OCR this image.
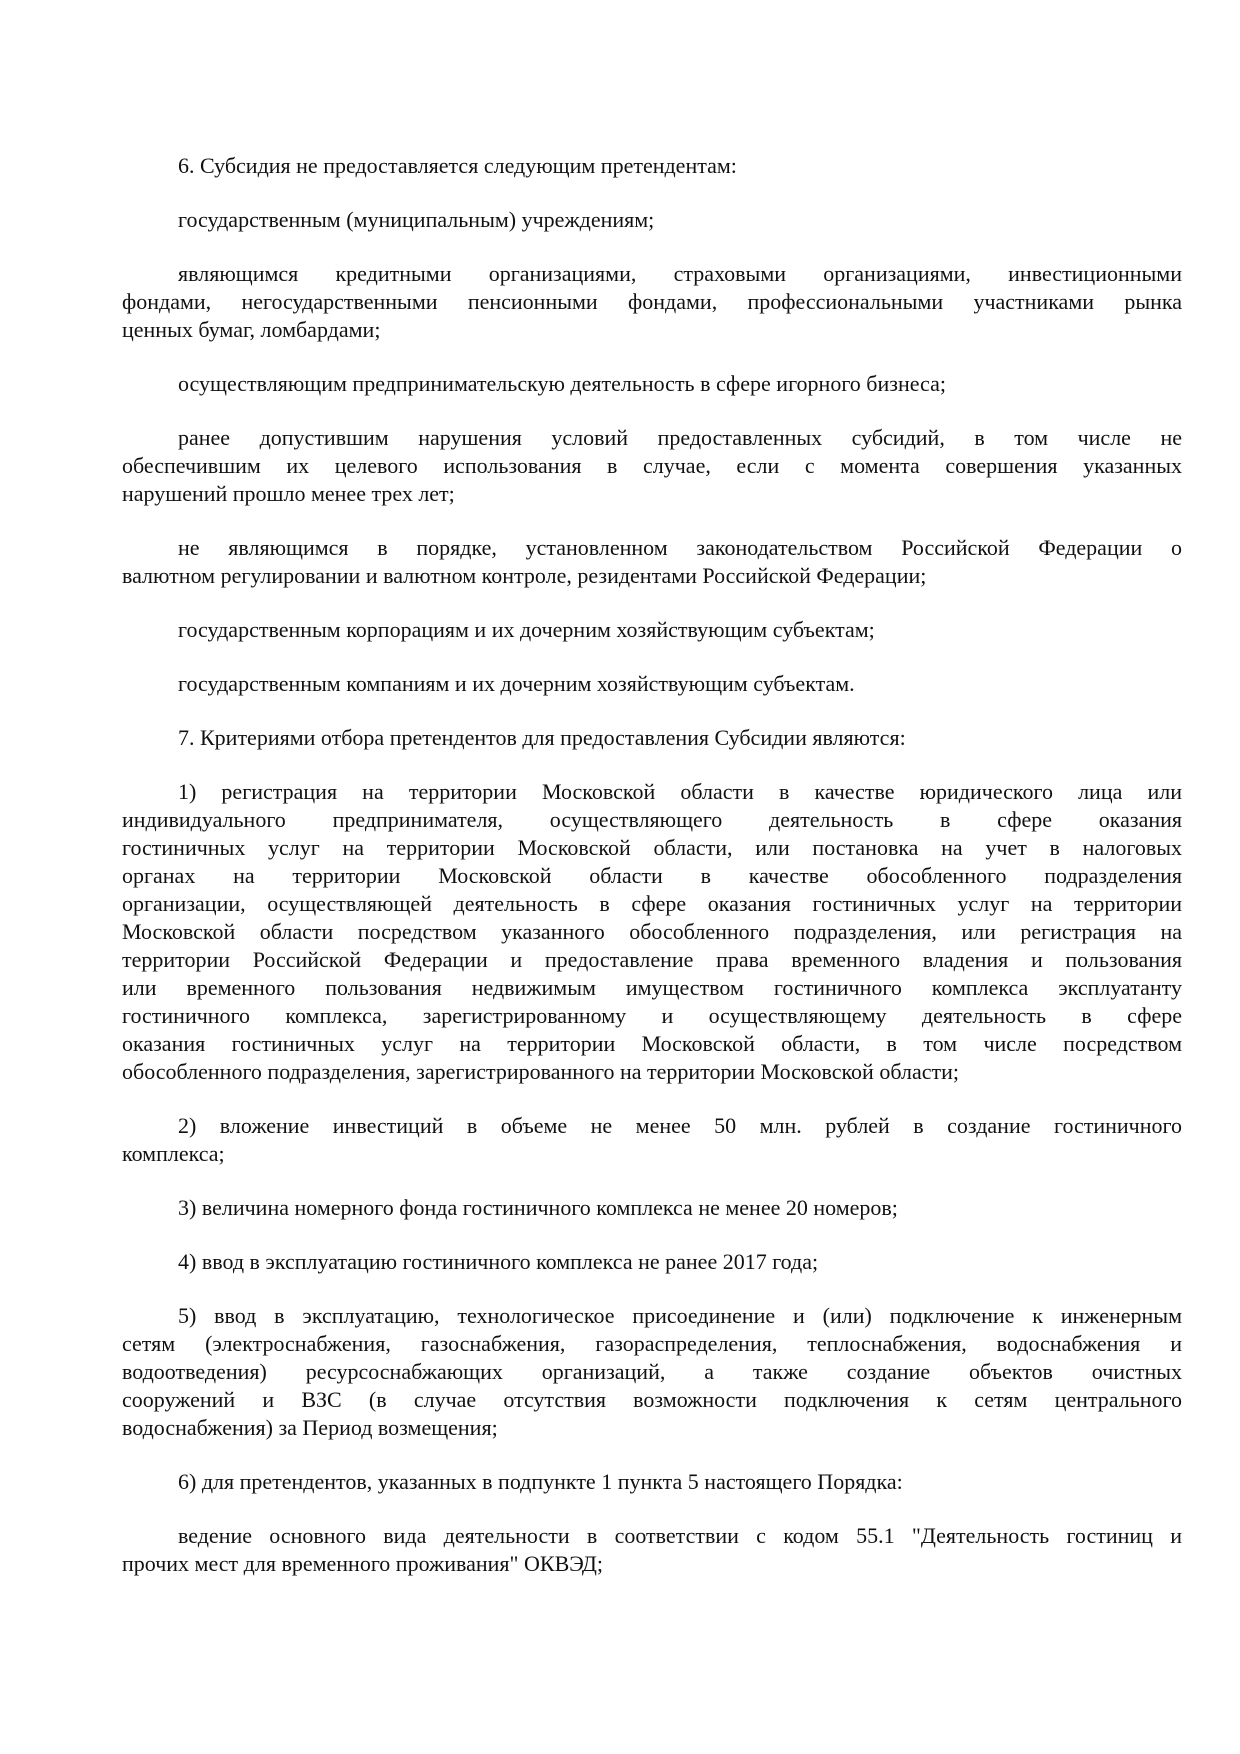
6. Субсидия не предоставляется следующим претендентам:
государственным (муниципальным) учреждениям;
являющимся кредитными организациями, страховыми организациями, инвестиционными
фондами, негосударственными пенсионными фондами, профессиональными участниками рынка
ценных бумаг, ломбардами;
осуществляющим предпринимательскую деятельность в сфере игорного бизнеса;
ранее допустившим нарушения условий предоставленных субсидий, в том числе не
обеспечившим их целевого использования в случае, если с момента совершения указанных
нарушений прошло менее трех лет;
не являющимся в порядке, установленном законодательством Российской Федерации о
валютном регулировании и валютном контроле, резидентами Российской Федерации;
государственным корпорациям и их дочерним хозяйствующим субъектам;
государственным компаниям и их дочерним хозяйствующим субъектам.
7. Критериями отбора претендентов для предоставления Субсидии являются:
1) регистрация на территории Московской области в качестве юридического лица или
индивидуального предпринимателя, осуществляющего деятельность в сфере оказания
гостиничных услуг на территории Московской области, или постановка на учет в налоговых
органах на территории Московской области в качестве обособленного подразделения
организации, осуществляющей деятельность в сфере оказания гостиничных услуг на территории
Московской области посредством указанного обособленного подразделения, или регистрация на
территории Российской Федерации и предоставление права временного владения и пользования
или временного пользования недвижимым имуществом гостиничного комплекса эксплуатанту
гостиничного комплекса, зарегистрированному и осуществляющему деятельность в сфере
оказания гостиничных услуг на территории Московской области, в том числе посредством
обособленного подразделения, зарегистрированного на территории Московской области;
2) вложение инвестиций в объеме не менее 50 млн. рублей в создание гостиничного
комплекса;
3) величина номерного фонда гостиничного комплекса не менее 20 номеров;
4) ввод в эксплуатацию гостиничного комплекса не ранее 2017 года;
5) ввод в эксплуатацию, технологическое присоединение и (или) подключение к инженерным
сетям (электроснабжения, газоснабжения, газораспределения, теплоснабжения, водоснабжения и
водоотведения) ресурсоснабжающих организаций, а также создание объектов очистных
сооружений и ВЗС (в случае отсутствия возможности подключения к сетям центрального
водоснабжения) за Период возмещения;
6) для претендентов, указанных в подпункте 1 пункта 5 настоящего Порядка:
ведение основного вида деятельности в соответствии с кодом 55.1 "Деятельность гостиниц и
прочих мест для временного проживания" ОКВЭД;
